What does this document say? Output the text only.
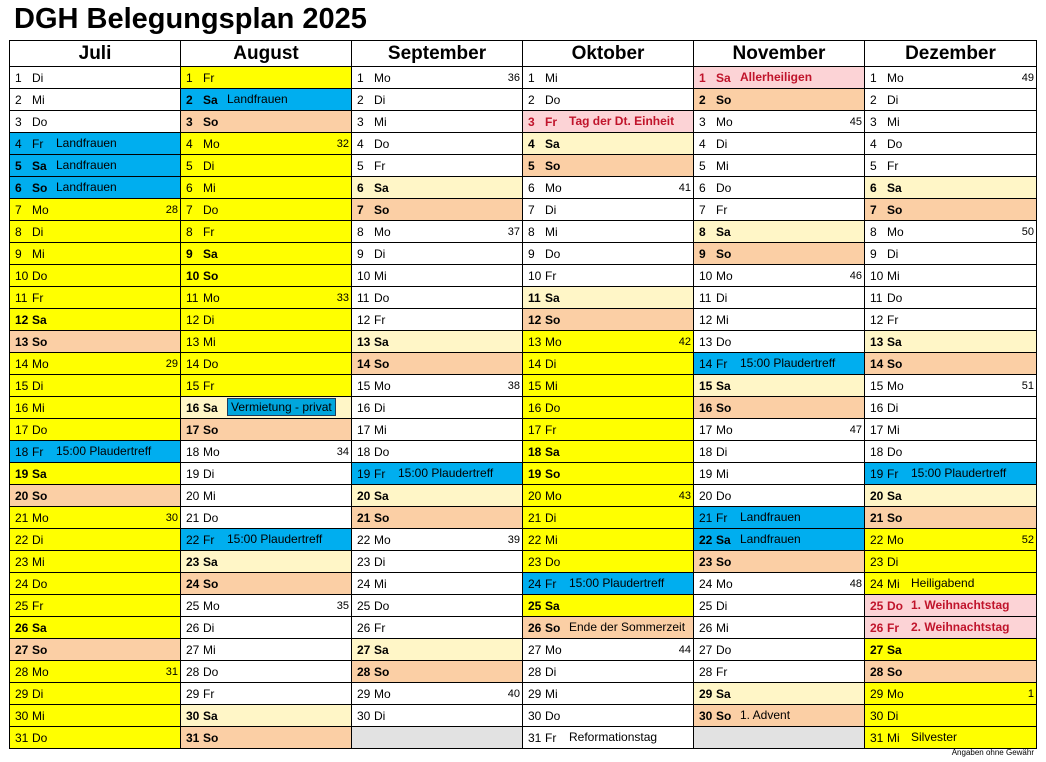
DGH Belegungsplan 2025
Juli
1 Di
2 Mi
3 Do
4 Fr Landfrauen
5 Sa Landfrauen
6 So Landfrauen
7 Mo	28
8 Di
9 Mi
10 Do
11 Fr
12 Sa
13 So
14 Mo	29
15 Di
16 Mi
17 Do
18 Fr 15:00 Plaudertreff
19 Sa
20 So
21 Mo	30
22 Di
23 Mi
24 Do
25 Fr
26 Sa
27 So
28 Mo	31
29 Di
30 Mi
31 Do
August
1 Fr
2 Sa Landfrauen
3 So
4 Mo	32
5 Di
6 Mi
7 Do
8 Fr
9 Sa
10 So
11 Mo	33
12 Di
13 Mi
14 Do
15 Fr
16 Sa	Vermietung - privat
17 So
18 Mo	34
19 Di
20 Mi
21 Do
22 Fr 15:00 Plaudertreff
23 Sa
24 So
25 Mo	35
26 Di
27 Mi
28 Do
29 Fr
30 Sa
31 So
September
1 Mo	36
2 Di
3 Mi
4 Do
5 Fr
6 Sa
7 So
8 Mo	37
9 Di
10 Mi
11 Do
12 Fr
13 Sa
14 So
15 Mo	38
16 Di
17 Mi
18 Do
19 Fr 15:00 Plaudertreff
20 Sa
21 So
22 Mo	39
23 Di
24 Mi
25 Do
26 Fr
27 Sa
28 So
29 Mo	40
30 Di
Oktober
1 Mi
2 Do
3 Fr Tag der Dt. Einheit
4 Sa
5 So
6 Mo	41
7 Di
8 Mi
9 Do
10 Fr
11 Sa
12 So
13 Mo	42
14 Di
15 Mi
16 Do
17 Fr
18 Sa
19 So
20 Mo	43
21 Di
22 Mi
23 Do
24 Fr 15:00 Plaudertreff
25 Sa
26 So Ende der Sommerzeit
27 Mo	44
28 Di
29 Mi
30 Do
31 Fr Reformationstag
November
1 Sa Allerheiligen
2 So
3 Mo	45
4 Di
5 Mi
6 Do
7 Fr
8 Sa
9 So
10 Mo	46
11 Di
12 Mi
13 Do
14 Fr 15:00 Plaudertreff
15 Sa
16 So
17 Mo	47
18 Di
19 Mi
20 Do
21 Fr Landfrauen
22 Sa Landfrauen
23 So
24 Mo	48
25 Di
26 Mi
27 Do
28 Fr
29 Sa
30 So 1. Advent
Dezember
1 Mo	49
2 Di
3 Mi
4 Do
5 Fr
6 Sa
7 So
8 Mo	50
9 Di
10 Mi
11 Do
12 Fr
13 Sa
14 So
15 Mo	51
16 Di
17 Mi
18 Do
19 Fr 15:00 Plaudertreff
20 Sa
21 So
22 Mo	52
23 Di
24 Mi Heiligabend
25 Do 1. Weihnachtstag
26 Fr 2. Weihnachtstag
27 Sa
28 So
29 Mo	1
30 Di
31 Mi Silvester
Angaben ohne Gewähr
